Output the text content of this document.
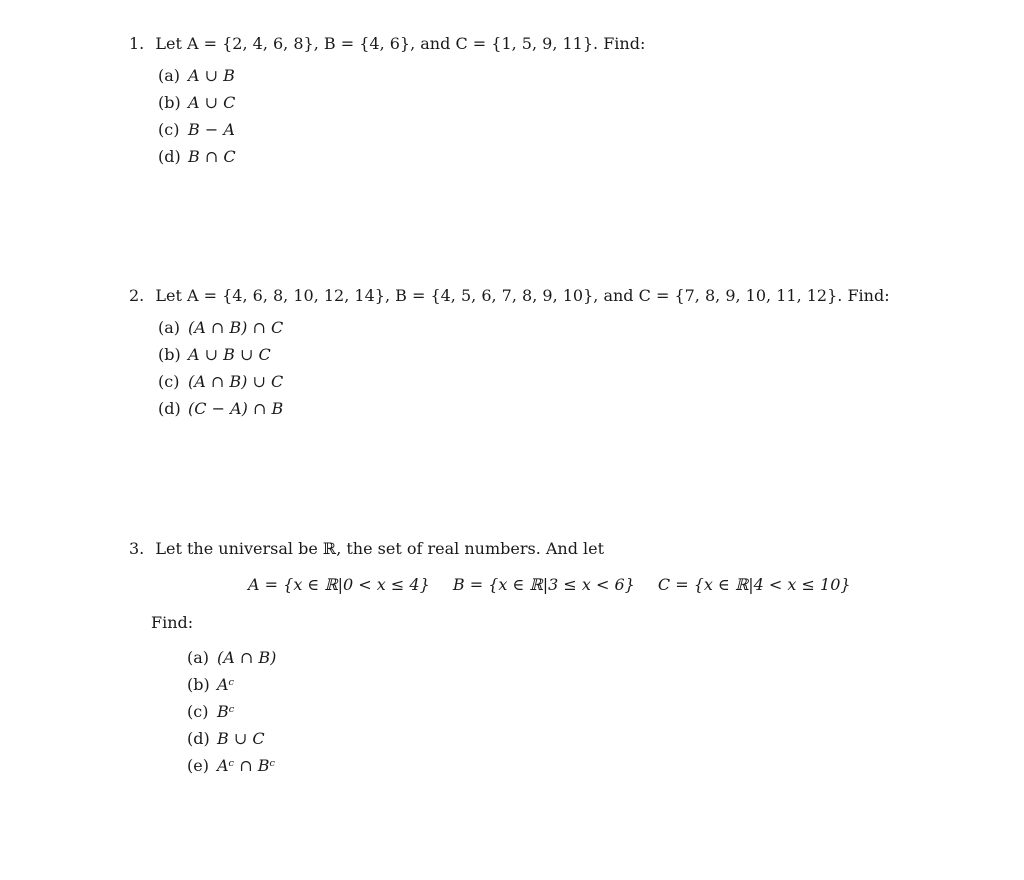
1. Let A = {2, 4, 6, 8}, B = {4, 6}, and C = {1, 5, 9, 11}. Find:
(a) A ∪ B
(b) A ∪ C
(c) B − A
(d) B ∩ C
2. Let A = {4, 6, 8, 10, 12, 14}, B = {4, 5, 6, 7, 8, 9, 10}, and C = {7, 8, 9, 10, 11, 12}. Find:
(a) (A ∩ B) ∩ C
(b) A ∪ B ∪ C
(c) (A ∩ B) ∪ C
(d) (C − A) ∩ B
3. Let the universal be ℝ, the set of real numbers. And let
(a) (A ∩ B)
(b) Aᶜ
(c) Bᶜ
(d) B ∪ C
(e) Aᶜ ∩ Bᶜ
A = {x ∈ ℝ|0 < x ≤ 4} B = {x ∈ ℝ|3 ≤ x < 6} C = {x ∈ ℝ|4 < x ≤ 10}
Find:
